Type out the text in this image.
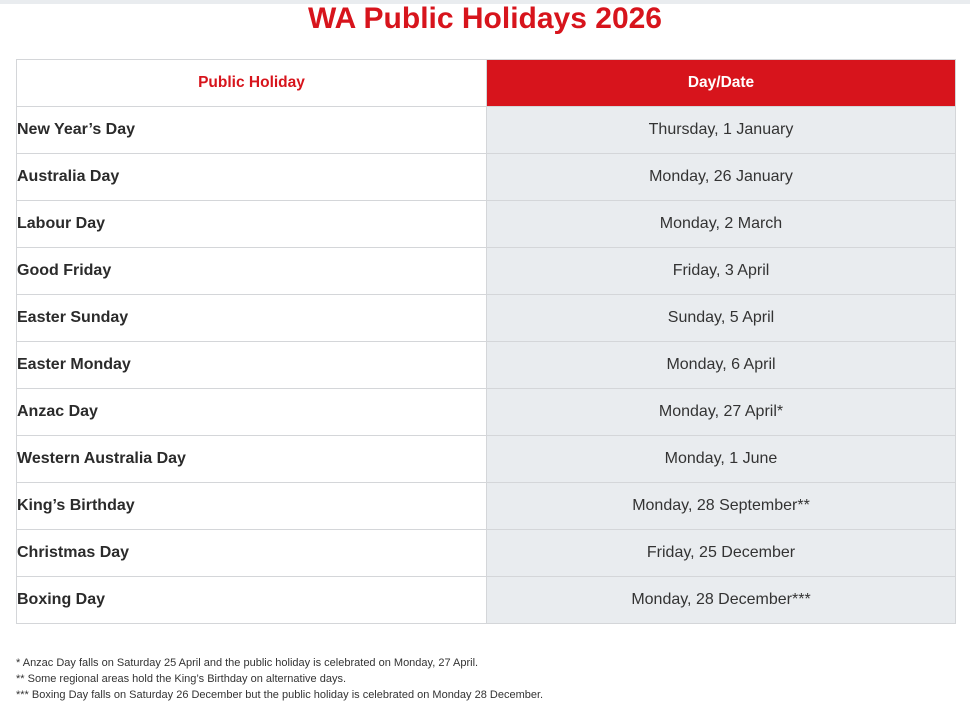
WA Public Holidays 2026
Public Holiday	Day/Date
New Year’s Day	Thursday, 1 January
Australia Day	Monday, 26 January
Labour Day	Monday, 2 March
Good Friday	Friday, 3 April
Easter Sunday	Sunday, 5 April
Easter Monday	Monday, 6 April
Anzac Day	Monday, 27 April*
Western Australia Day	Monday, 1 June
King’s Birthday	Monday, 28 September**
Christmas Day	Friday, 25 December
Boxing Day	Monday, 28 December***

* Anzac Day falls on Saturday 25 April and the public holiday is celebrated on Monday, 27 April.

** Some regional areas hold the King’s Birthday on alternative days.

*** Boxing Day falls on Saturday 26 December but the public holiday is celebrated on Monday 28 December.
